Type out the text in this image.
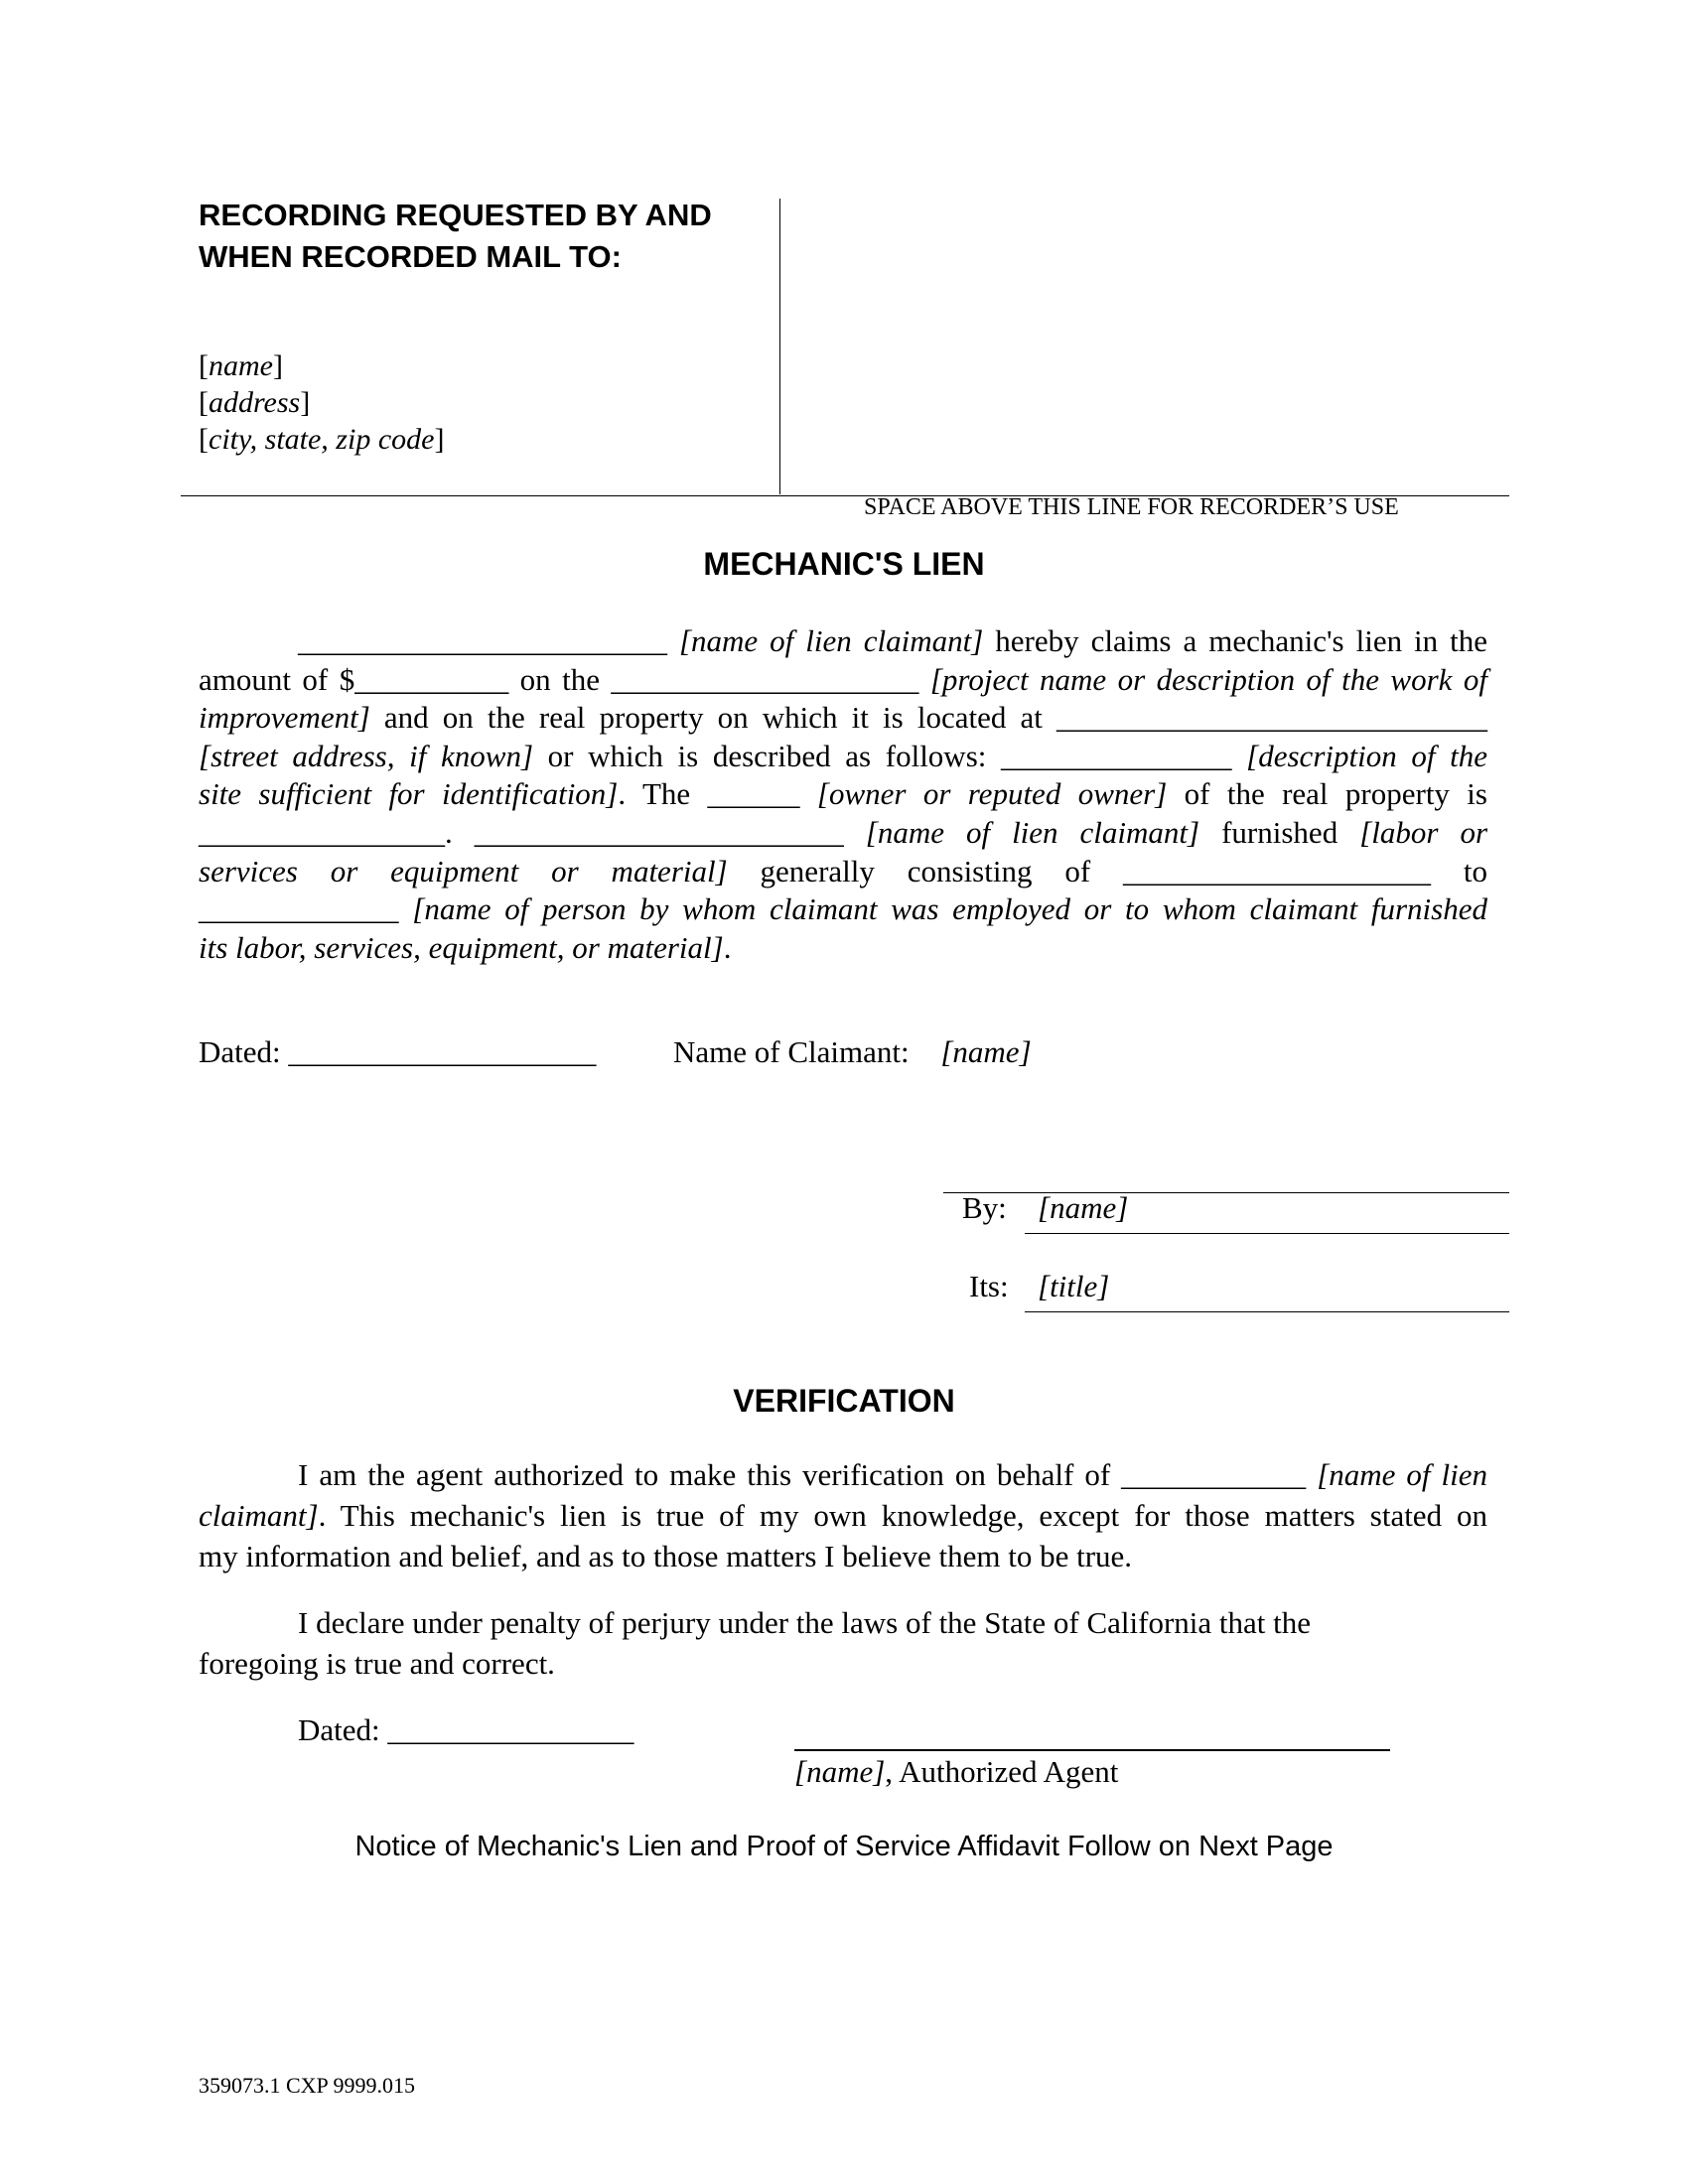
RECORDING REQUESTED BY AND
WHEN RECORDED MAIL TO:
[name]
[address]
[city, state, zip code]
SPACE ABOVE THIS LINE FOR RECORDER’S USE
MECHANIC'S LIEN
________________________ [name of lien claimant] hereby claims a mechanic's lien in the
amount of $__________ on the ____________________ [project name or description of the work of
improvement] and on the real property on which it is located at ____________________________
[street address, if known] or which is described as follows: _______________ [description of the
site sufficient for identification]. The ______ [owner or reputed owner] of the real property is
________________. ________________________ [name of lien claimant] furnished [labor or
services or equipment or material] generally consisting of ____________________ to
_____________ [name of person by whom claimant was employed or to whom claimant furnished
its labor, services, equipment, or material].
Dated: ____________________	Name of Claimant: [name]
By: [name]
Its: [title]
VERIFICATION
I am the agent authorized to make this verification on behalf of ____________ [name of lien
claimant]. This mechanic's lien is true of my own knowledge, except for those matters stated on
my information and belief, and as to those matters I believe them to be true.
I declare under penalty of perjury under the laws of the State of California that the
foregoing is true and correct.
Dated: ________________
[name], Authorized Agent
Notice of Mechanic's Lien and Proof of Service Affidavit Follow on Next Page
359073.1 CXP 9999.015
